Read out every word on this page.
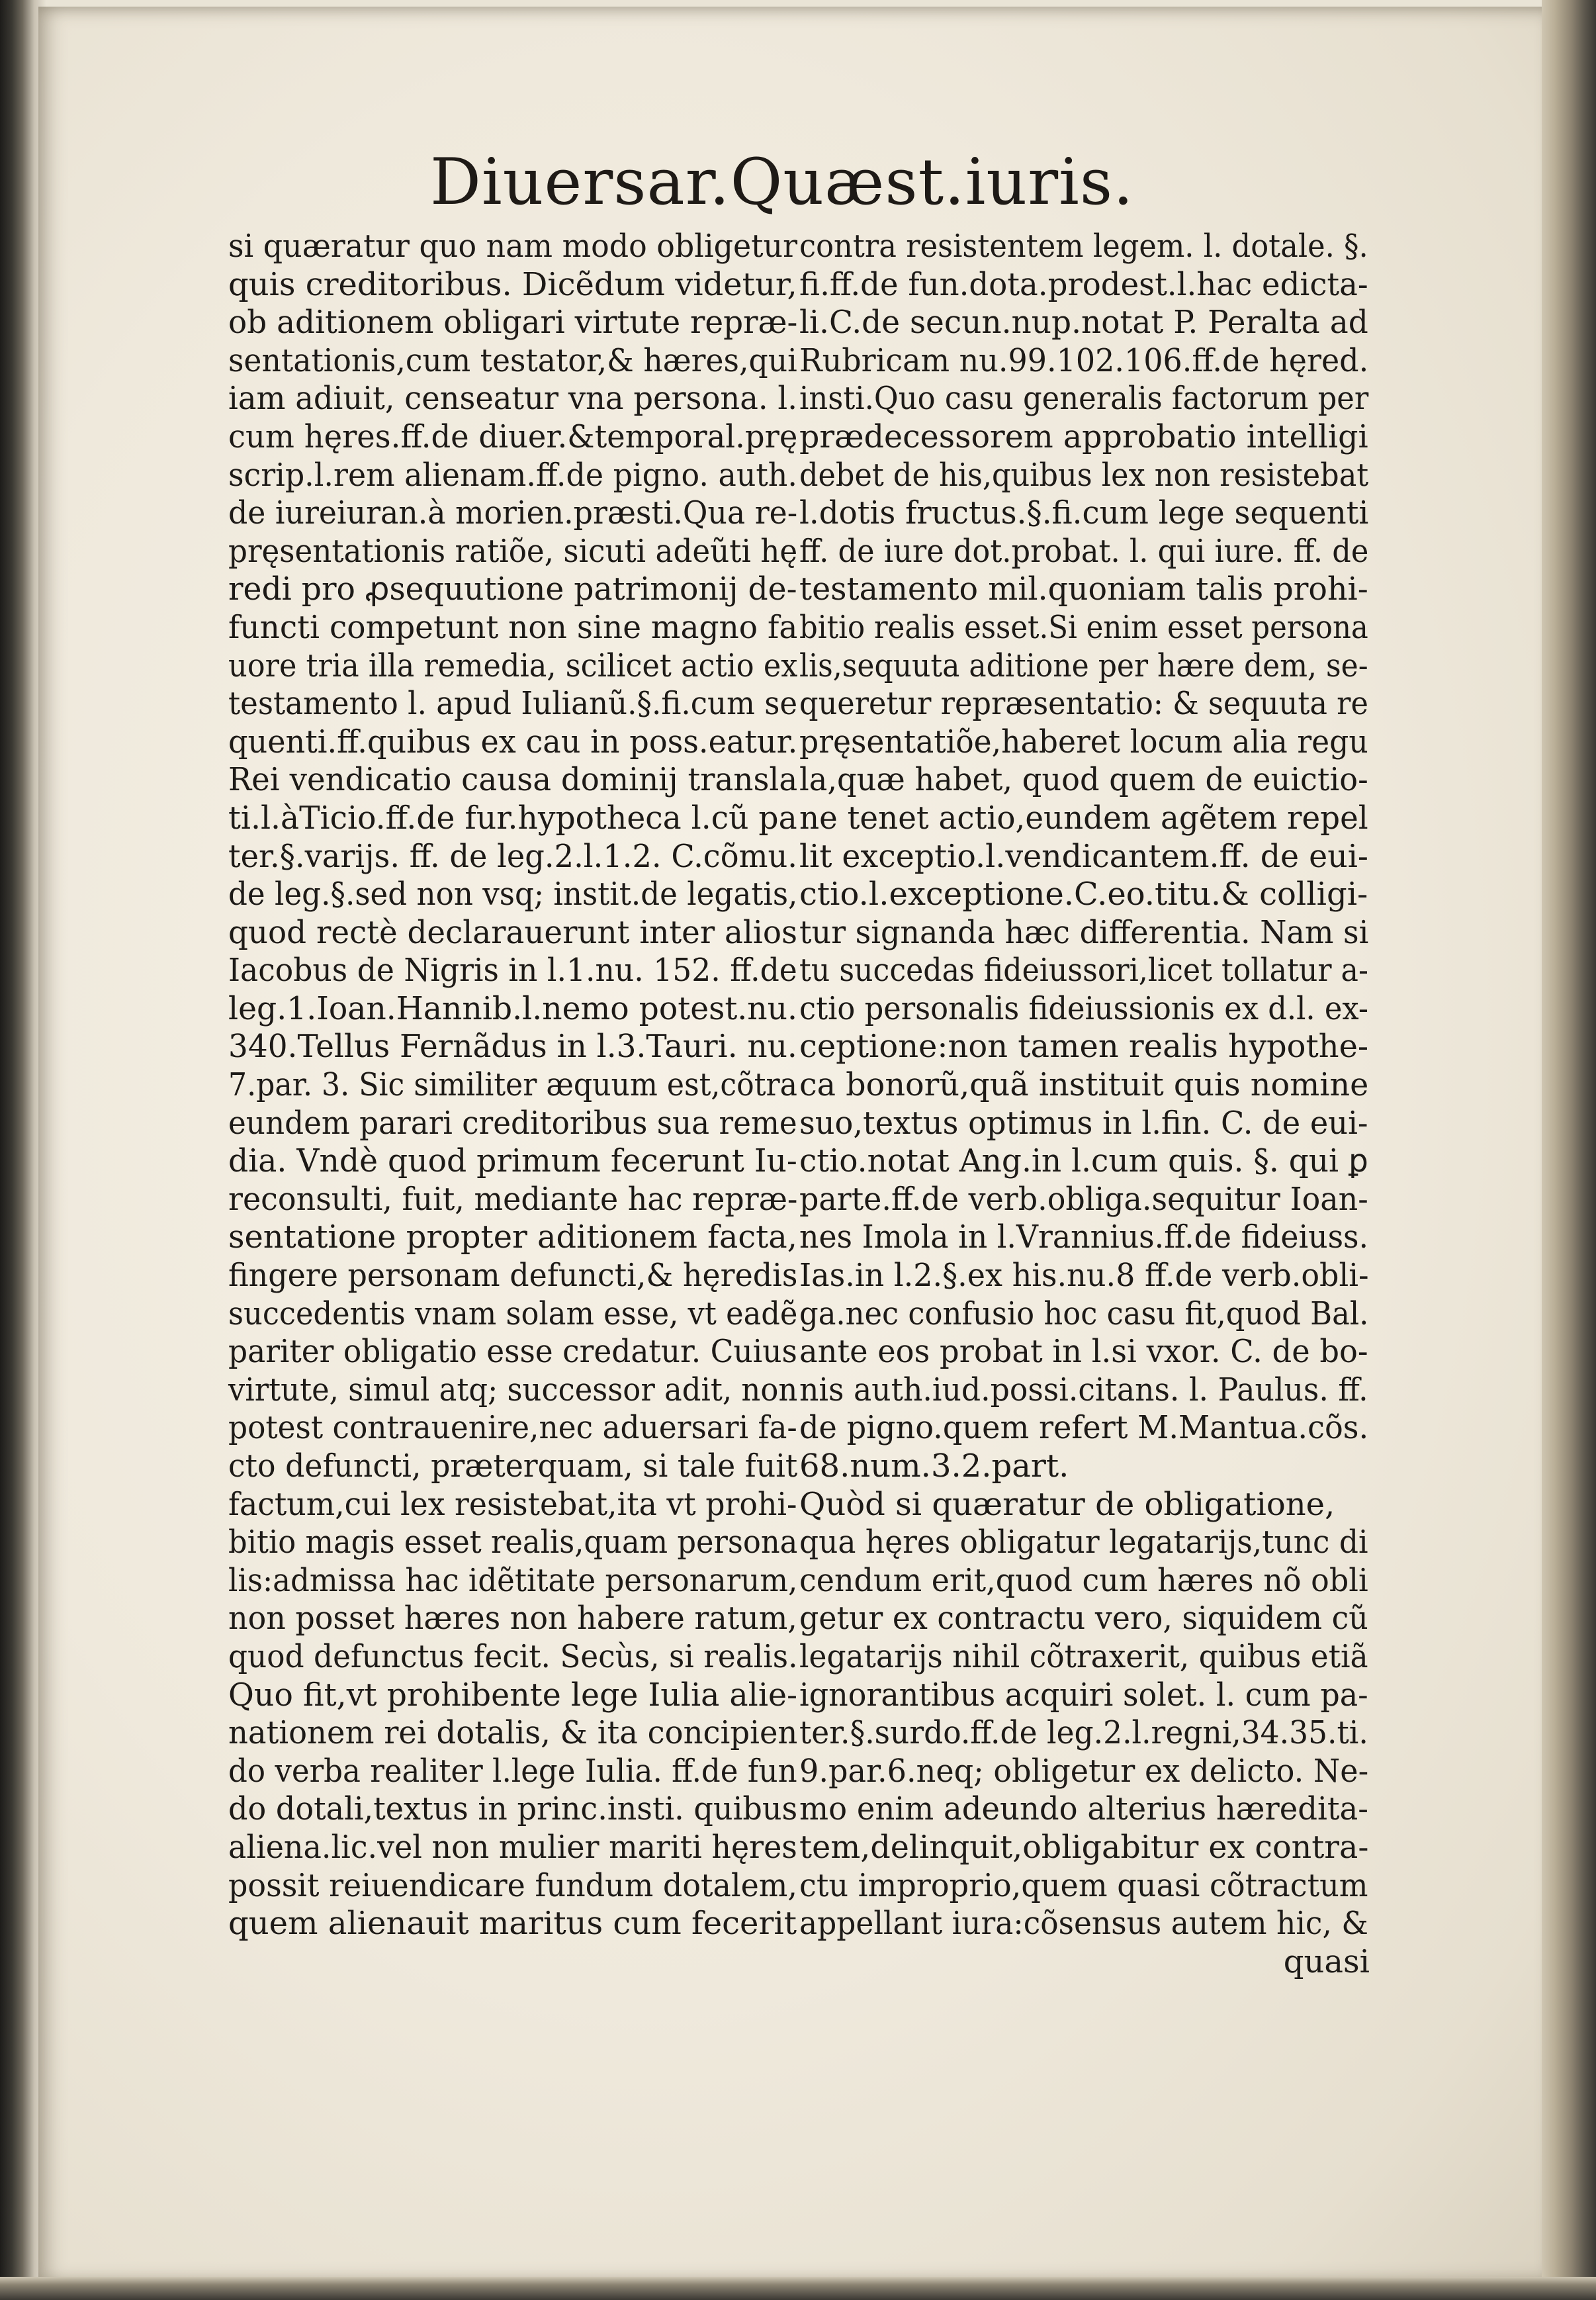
Diuersar.Quæst.iuris.
si quæratur quo nam modo obligetur
quis creditoribus. Dicẽdum videtur,
ob aditionem obligari virtute repræ-
sentationis,cum testator,& hæres,qui
iam adiuit, censeatur vna persona. l.
cum hęres.ff.de diuer.&temporal.prę
scrip.l.rem alienam.ff.de pigno. auth.
de iureiuran.à morien.præsti.Qua re-
pręsentationis ratiõe, sicuti adeũti hę
redi pro ꝓsequutione patrimonij de-
functi competunt non sine magno fa
uore tria illa remedia, scilicet actio ex
testamento l. apud Iulianũ.§.fi.cum se
quenti.ff.quibus ex cau in poss.eatur.
Rei vendicatio causa dominij transla
ti.l.àTicio.ff.de fur.hypotheca l.cũ pa
ter.§.varijs. ff. de leg.2.l.1.2. C.cõmu.
de leg.§.sed non vsq; instit.de legatis,
quod rectè declarauerunt inter alios
Iacobus de Nigris in l.1.nu. 152. ff.de
leg.1.Ioan.Hannib.l.nemo potest.nu.
340.Tellus Fernãdus in l.3.Tauri. nu.
7.par. 3. Sic similiter æquum est,cõtra
eundem parari creditoribus sua reme
dia. Vndè quod primum fecerunt Iu-
reconsulti, fuit, mediante hac repræ-
sentatione propter aditionem facta,
fingere personam defuncti,& hęredis
succedentis vnam solam esse, vt eadẽ
pariter obligatio esse credatur. Cuius
virtute, simul atq; successor adit, non
potest contrauenire,nec aduersari fa-
cto defuncti, præterquam, si tale fuit
factum,cui lex resistebat,ita vt prohi-
bitio magis esset realis,quam persona
lis:admissa hac idẽtitate personarum,
non posset hæres non habere ratum,
quod defunctus fecit. Secùs, si realis.
Quo fit,vt prohibente lege Iulia alie-
nationem rei dotalis, & ita concipien
do verba realiter l.lege Iulia. ff.de fun
do dotali,textus in princ.insti. quibus
aliena.lic.vel non mulier mariti hęres
possit reiuendicare fundum dotalem,
quem alienauit maritus cum fecerit
contra resistentem legem. l. dotale. §.
fi.ff.de fun.dota.prodest.l.hac edicta-
li.C.de secun.nup.notat P. Peralta ad
Rubricam nu.99.102.106.ff.de hęred.
insti.Quo casu generalis factorum per
prædecessorem approbatio intelligi
debet de his,quibus lex non resistebat
l.dotis fructus.§.fi.cum lege sequenti
ff. de iure dot.probat. l. qui iure. ff. de
testamento mil.quoniam talis prohi-
bitio realis esset.Si enim esset persona
lis,sequuta aditione per hære dem, se-
queretur repræsentatio: & sequuta re
pręsentatiõe,haberet locum alia regu
la,quæ habet, quod quem de euictio-
ne tenet actio,eundem agẽtem repel
lit exceptio.l.vendicantem.ff. de eui-
ctio.l.exceptione.C.eo.titu.& colligi-
tur signanda hæc differentia. Nam si
tu succedas fideiussori,licet tollatur a-
ctio personalis fideiussionis ex d.l. ex-
ceptione:non tamen realis hypothe-
ca bonorũ,quã instituit quis nomine
suo,textus optimus in l.fin. C. de eui-
ctio.notat Ang.in l.cum quis. §. qui ꝑ
parte.ff.de verb.obliga.sequitur Ioan-
nes Imola in l.Vrannius.ff.de fideiuss.
Ias.in l.2.§.ex his.nu.8 ff.de verb.obli-
ga.nec confusio hoc casu fit,quod Bal.
ante eos probat in l.si vxor. C. de bo-
nis auth.iud.possi.citans. l. Paulus. ff.
de pigno.quem refert M.Mantua.cõs.
68.num.3.2.part.
Quòd si quæratur de obligatione,
qua hęres obligatur legatarijs,tunc di
cendum erit,quod cum hæres nõ obli
getur ex contractu vero, siquidem cũ
legatarijs nihil cõtraxerit, quibus etiã
ignorantibus acquiri solet. l. cum pa-
ter.§.surdo.ff.de leg.2.l.regni,34.35.ti.
9.par.6.neq; obligetur ex delicto. Ne-
mo enim adeundo alterius hæredita-
tem,delinquit,obligabitur ex contra-
ctu improprio,quem quasi cõtractum
appellant iura:cõsensus autem hic, &
quasi
